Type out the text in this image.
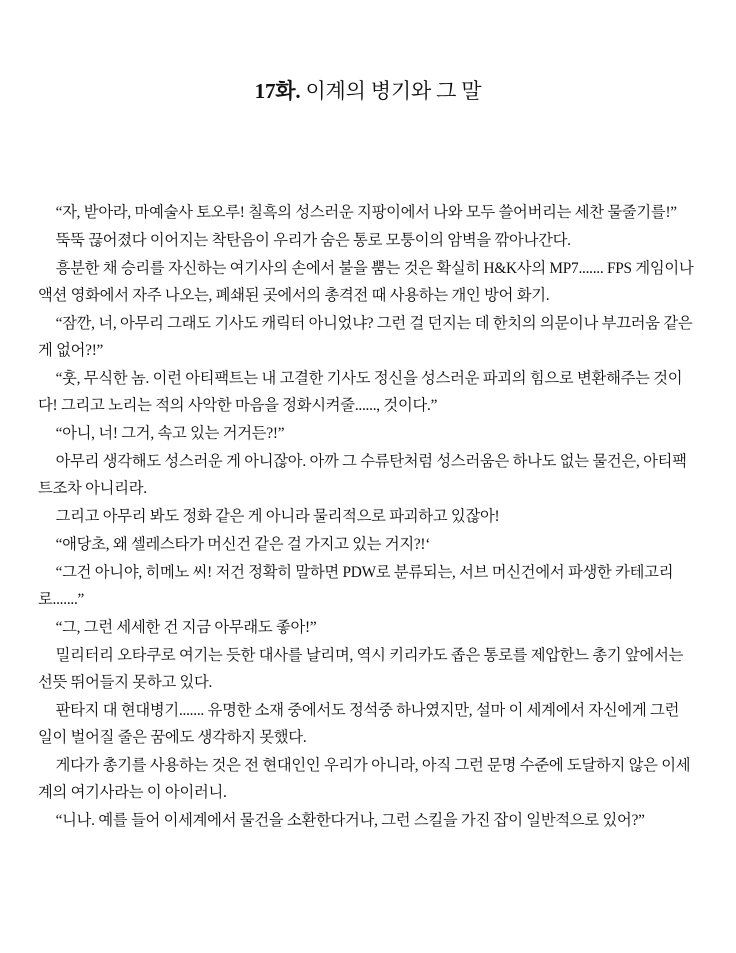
17화. 이계의 병기와 그 말

“자, 받아라, 마예술사 토오루! 칠흑의 성스러운 지팡이에서 나와 모두 쓸어버리는 세찬 물줄기를!”

뚝뚝 끊어졌다 이어지는 착탄음이 우리가 숨은 통로 모퉁이의 암벽을 깎아나간다.

흥분한 채 승리를 자신하는 여기사의 손에서 불을 뿜는 것은 확실히 H&K사의 MP7....... FPS 게임이나 액션 영화에서 자주 나오는, 폐쇄된 곳에서의 총격전 때 사용하는 개인 방어 화기.

“잠깐, 너, 아무리 그래도 기사도 캐릭터 아니었냐? 그런 걸 던지는 데 한치의 의문이나 부끄러움 같은 게 없어?!”

“훗, 무식한 놈. 이런 아티팩트는 내 고결한 기사도 정신을 성스러운 파괴의 힘으로 변환해주는 것이다! 그리고 노리는 적의 사악한 마음을 정화시켜줄......, 것이다.”

“아니, 너! 그거, 속고 있는 거거든?!”

아무리 생각해도 성스러운 게 아니잖아. 아까 그 수류탄처럼 성스러움은 하나도 없는 물건은, 아티팩트조차 아니리라.

그리고 아무리 봐도 정화 같은 게 아니라 물리적으로 파괴하고 있잖아!

“애당초, 왜 셀레스타가 머신건 같은 걸 가지고 있는 거지?!‘

“그건 아니야, 히메노 씨! 저건 정확히 말하면 PDW로 분류되는, 서브 머신건에서 파생한 카테고리로.......”

“그, 그런 세세한 건 지금 아무래도 좋아!”

밀리터리 오타쿠로 여기는 듯한 대사를 날리며, 역시 키리카도 좁은 통로를 제압한느 총기 앞에서는 선뜻 뛰어들지 못하고 있다.

판타지 대 현대병기....... 유명한 소재 중에서도 정석중 하나였지만, 설마 이 세계에서 자신에게 그런 일이 벌어질 줄은 꿈에도 생각하지 못했다.

게다가 총기를 사용하는 것은 전 현대인인 우리가 아니라, 아직 그런 문명 수준에 도달하지 않은 이세계의 여기사라는 이 아이러니.

“니나. 예를 들어 이세계에서 물건을 소환한다거나, 그런 스킬을 가진 잡이 일반적으로 있어?”
